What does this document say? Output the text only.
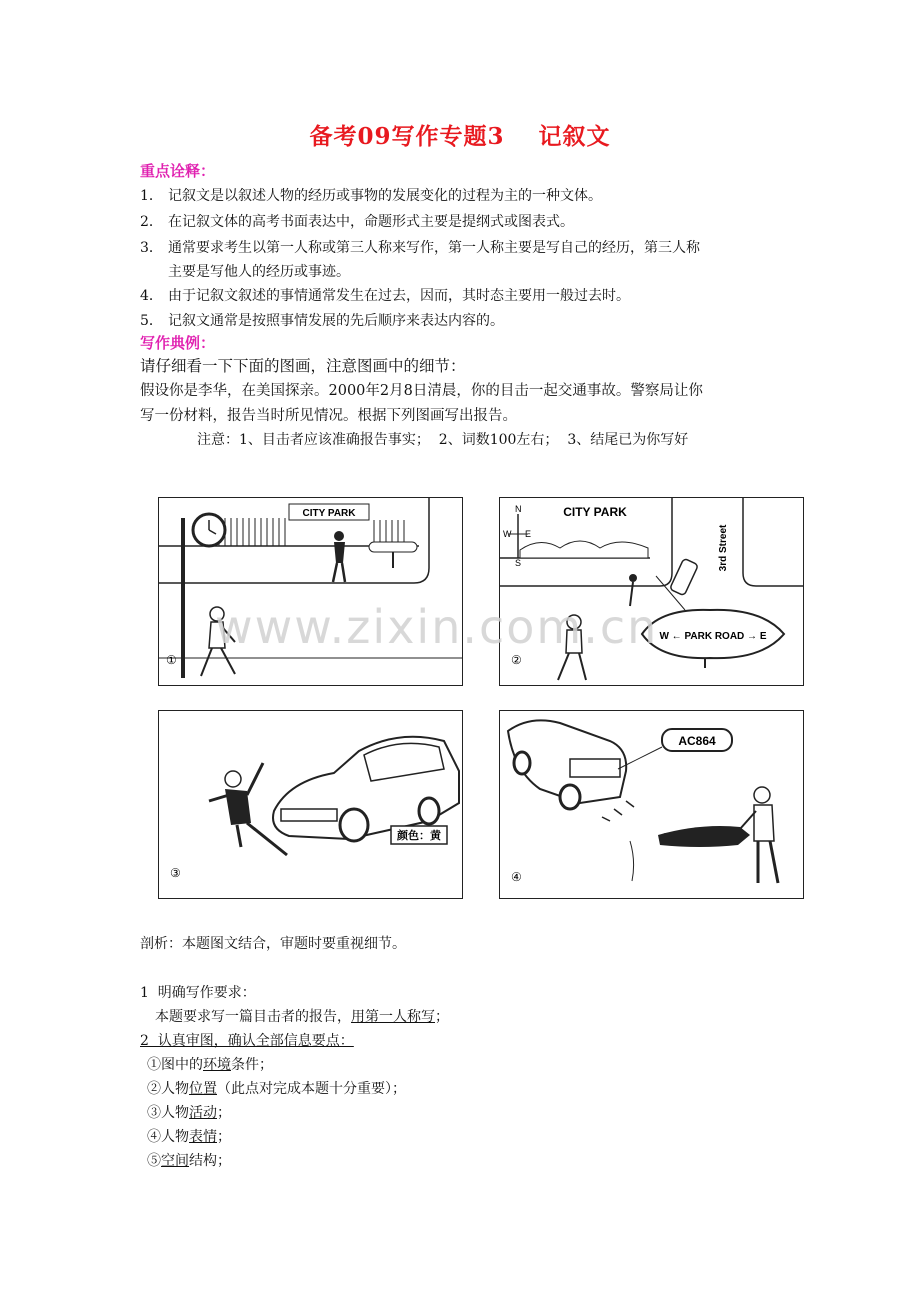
备考09写作专题3 记叙文
重点诠释：
1． 记叙文是以叙述人物的经历或事物的发展变化的过程为主的一种文体。
2． 在记叙文体的高考书面表达中，命题形式主要是提纲式或图表式。
3． 通常要求考生以第一人称或第三人称来写作，第一人称主要是写自己的经历，第三人称
主要是写他人的经历或事迹。
4． 由于记叙文叙述的事情通常发生在过去，因而，其时态主要用一般过去时。
5． 记叙文通常是按照事情发展的先后顺序来表达内容的。
写作典例：
请仔细看一下下面的图画，注意图画中的细节：
假设你是李华，在美国探亲。2000年2月8日清晨，你的目击一起交通事故。警察局让你
写一份材料，报告当时所见情况。根据下列图画写出报告。
注意：1、目击者应该准确报告事实；  2、词数100左右；  3、结尾已为你写好
CITY PARK
①
N
W E
S
CITY PARK
3rd Street
W ← PARK ROAD → E
②
颜色：黄
③
AC864
④
www.zixin.com.cn
剖析：本题图文结合，审题时要重视细节。
1  明确写作要求：
本题要求写一篇目击者的报告，用第一人称写；
2  认真审图，确认全部信息要点：
①图中的环境条件；
②人物位置（此点对完成本题十分重要）；
③人物活动；
④人物表情；
⑤空间结构；
